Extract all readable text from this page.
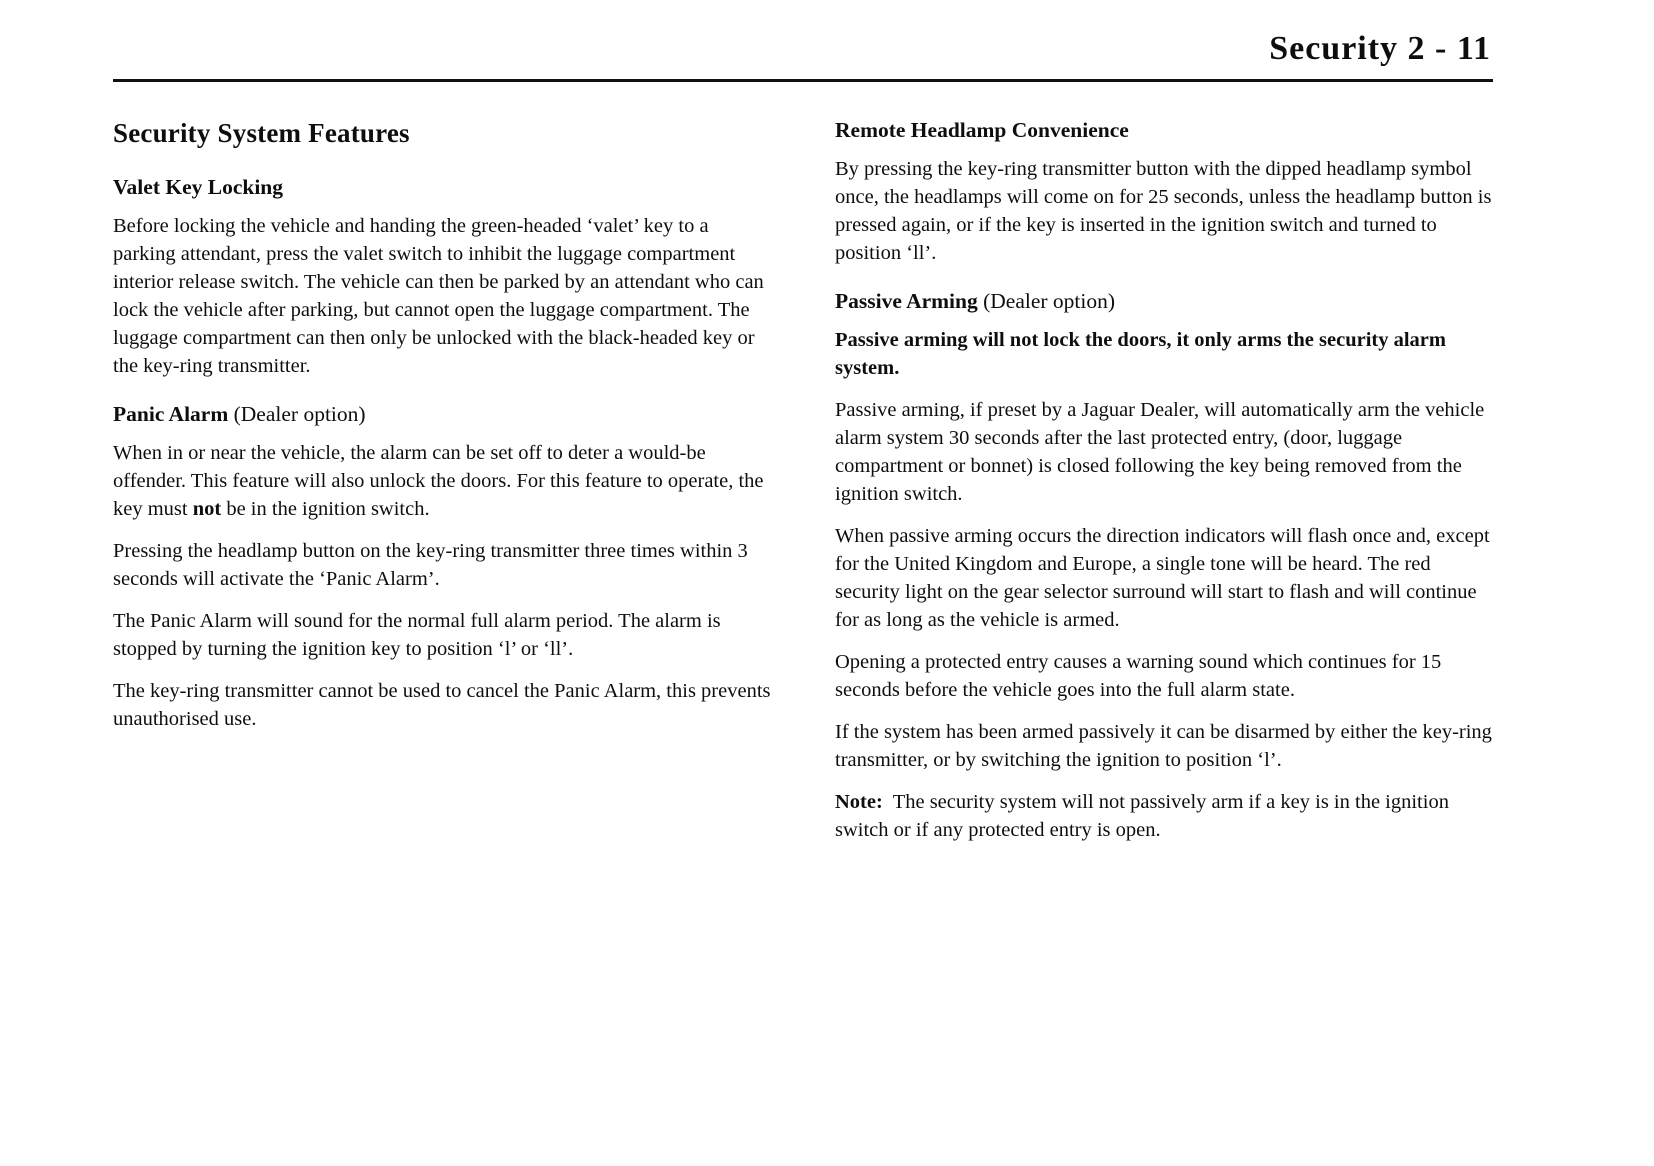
Security 2 - 11
Security System Features
Valet Key Locking
Before locking the vehicle and handing the green-headed ‘valet’ key to a parking attendant, press the valet switch to inhibit the luggage compartment interior release switch. The vehicle can then be parked by an attendant who can lock the vehicle after parking, but cannot open the luggage compartment. The luggage compartment can then only be unlocked with the black-headed key or the key-ring transmitter.
Panic Alarm (Dealer option)
When in or near the vehicle, the alarm can be set off to deter a would-be offender. This feature will also unlock the doors. For this feature to operate, the key must not be in the ignition switch.
Pressing the headlamp button on the key-ring transmitter three times within 3 seconds will activate the ‘Panic Alarm’.
The Panic Alarm will sound for the normal full alarm period. The alarm is stopped by turning the ignition key to position ‘l’ or ‘ll’.
The key-ring transmitter cannot be used to cancel the Panic Alarm, this prevents unauthorised use.
Remote Headlamp Convenience
By pressing the key-ring transmitter button with the dipped headlamp symbol once, the headlamps will come on for 25 seconds, unless the headlamp button is pressed again, or if the key is inserted in the ignition switch and turned to position ‘ll’.
Passive Arming (Dealer option)
Passive arming will not lock the doors, it only arms the security alarm system.
Passive arming, if preset by a Jaguar Dealer, will automatically arm the vehicle alarm system 30 seconds after the last protected entry, (door, luggage compartment or bonnet) is closed following the key being removed from the ignition switch.
When passive arming occurs the direction indicators will flash once and, except for the United Kingdom and Europe, a single tone will be heard. The red security light on the gear selector surround will start to flash and will continue for as long as the vehicle is armed.
Opening a protected entry causes a warning sound which continues for 15 seconds before the vehicle goes into the full alarm state.
If the system has been armed passively it can be disarmed by either the key-ring transmitter, or by switching the ignition to position ‘l’.
Note:  The security system will not passively arm if a key is in the ignition switch or if any protected entry is open.
